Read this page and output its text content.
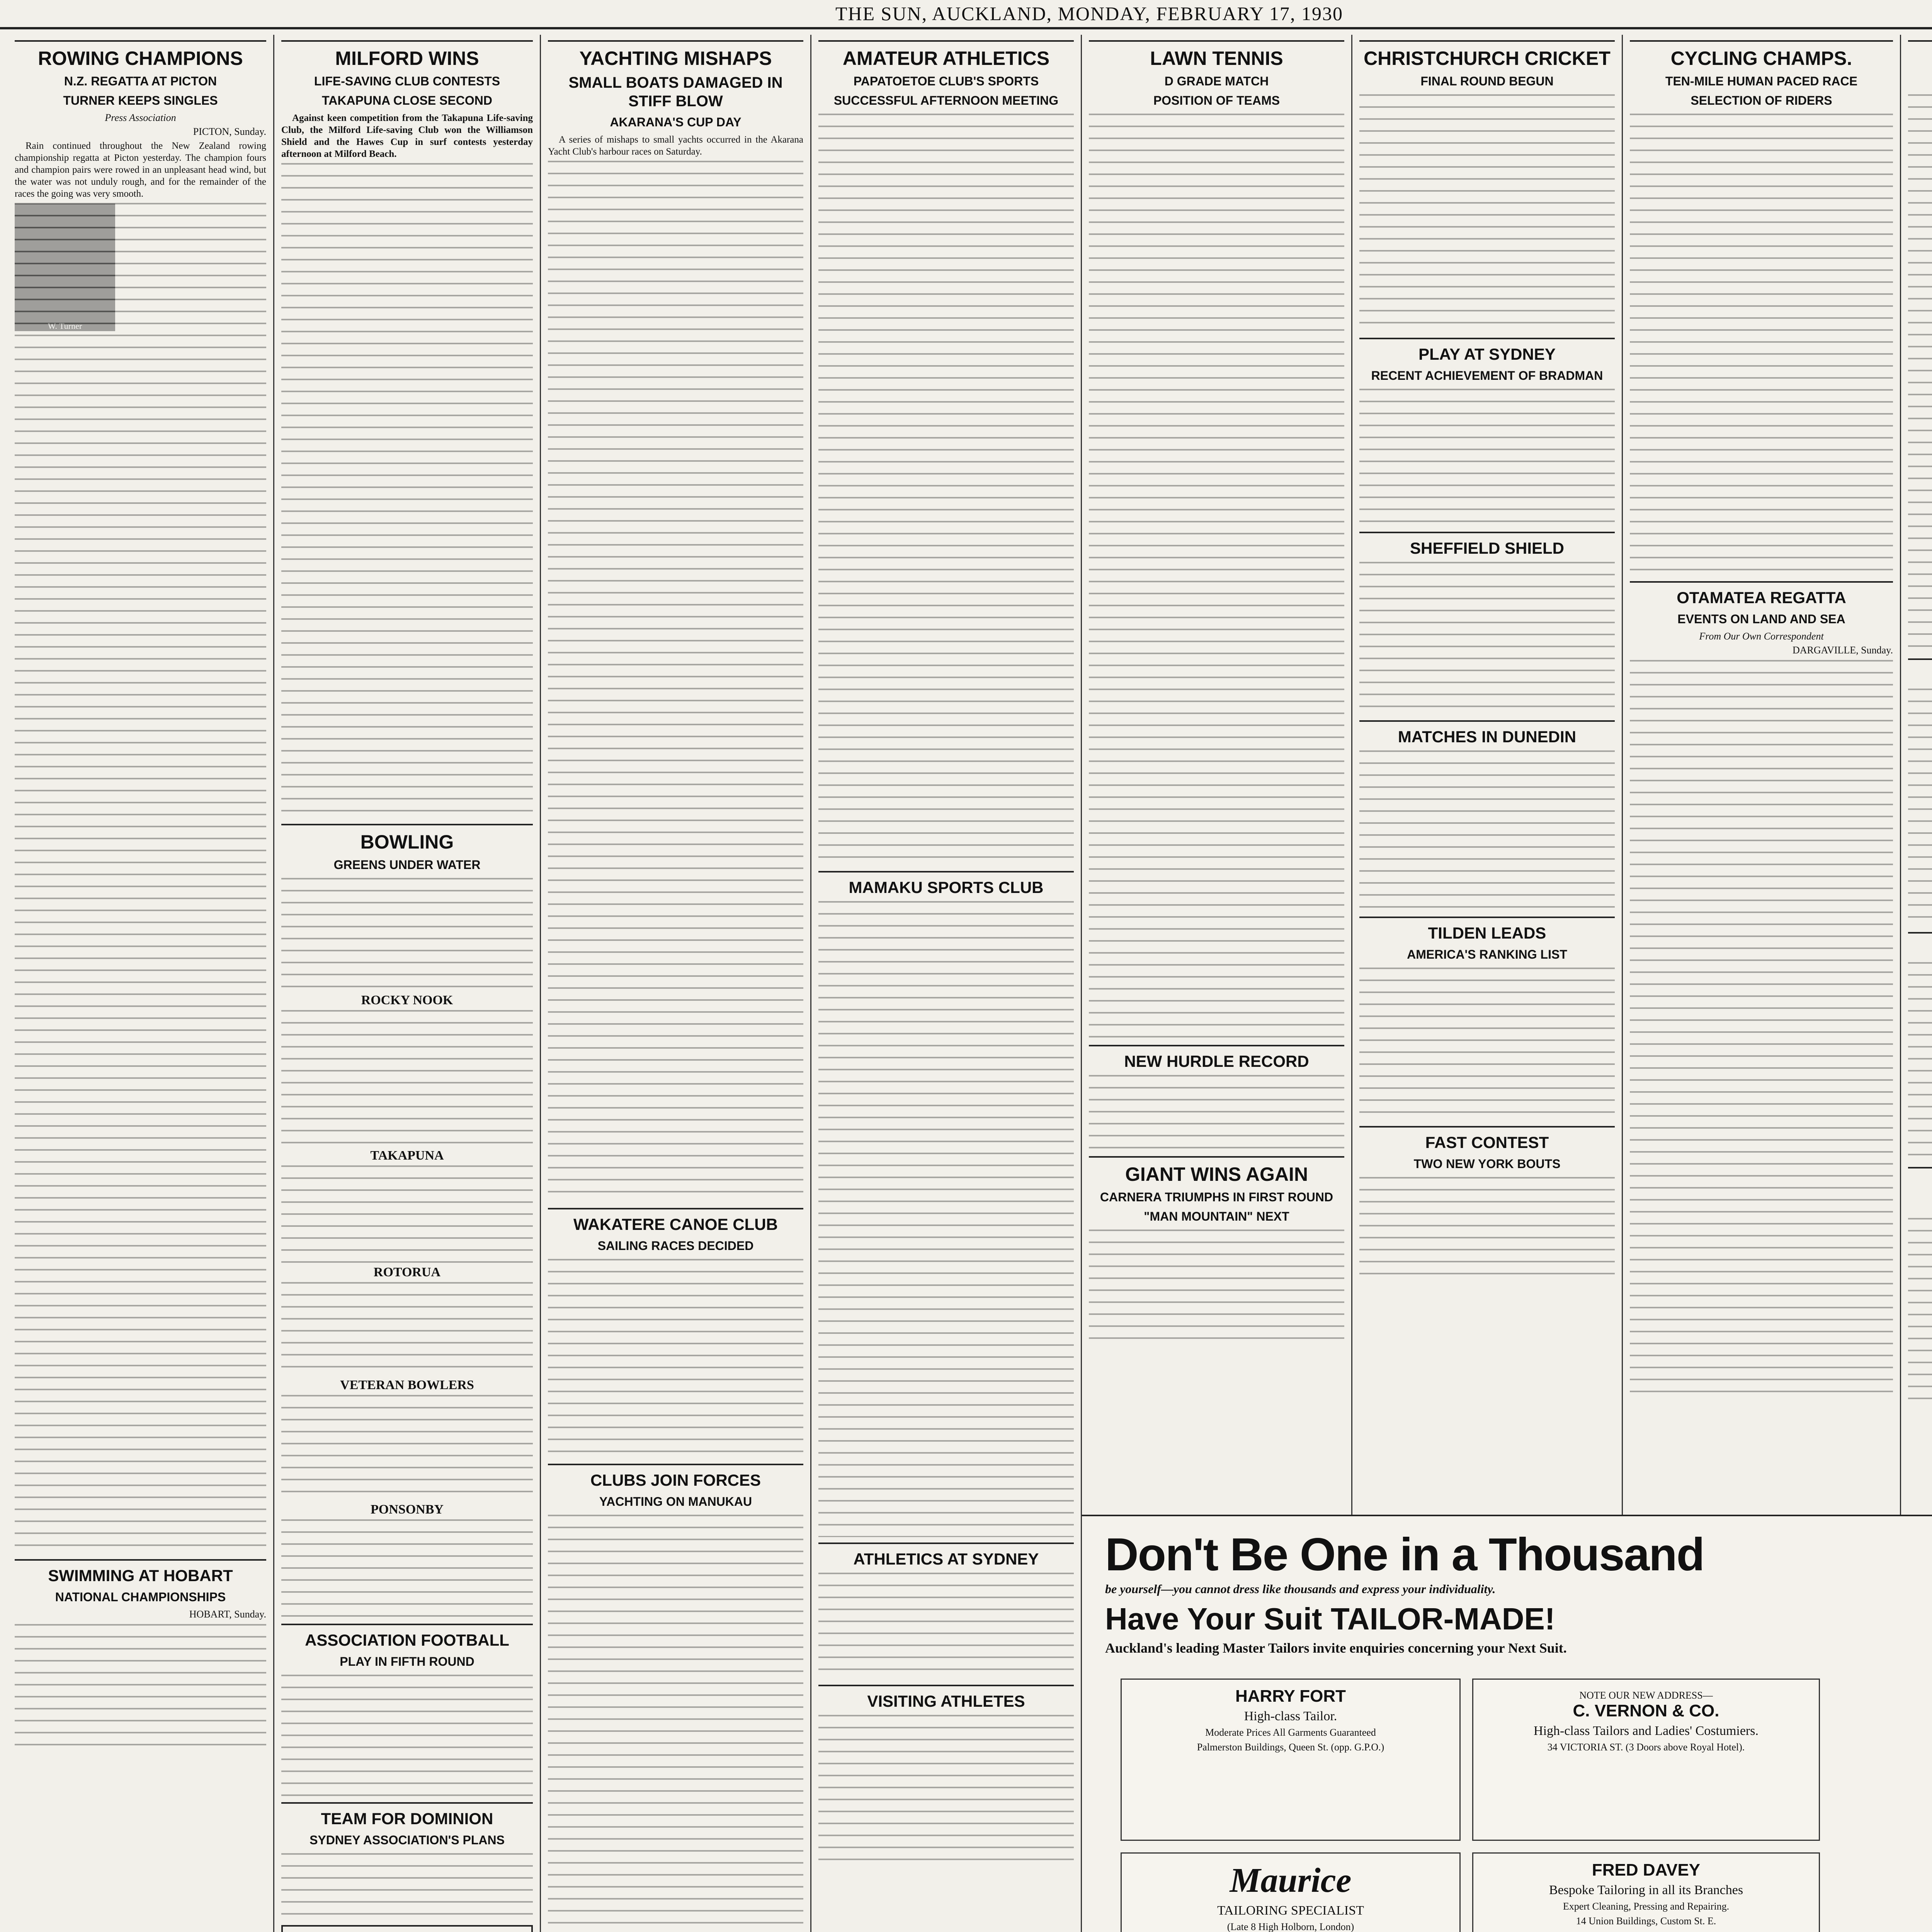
THE SUN, AUCKLAND, MONDAY, FEBRUARY 17, 1930
ROWING CHAMPIONS
N.Z. REGATTA AT PICTON
TURNER KEEPS SINGLES
Press Association
PICTON, Sunday.

Rain continued throughout the New Zealand rowing championship regatta at Picton yesterday. The champion fours and champion pairs were rowed in an unpleasant head wind, but the water was not unduly rough, and for the remainder of the races the going was very smooth.

SWIMMING AT HOBART
NATIONAL CHAMPIONSHIPS
HOBART, Sunday.
MILFORD WINS
LIFE-SAVING CLUB CONTESTS
TAKAPUNA CLOSE SECOND

Against keen competition from the Takapuna Life-saving Club, the Milford Life-saving Club won the Williamson Shield and the Hawes Cup in surf contests yesterday afternoon at Milford Beach.

BOWLING
GREENS UNDER WATER
ROCKY NOOK
TAKAPUNA
ROTORUA
VETERAN BOWLERS
PONSONBY
ASSOCIATION FOOTBALL
PLAY IN FIFTH ROUND
TEAM FOR DOMINION
SYDNEY ASSOCIATION'S PLANS
YACHTING MISHAPS
SMALL BOATS DAMAGED IN STIFF BLOW
AKARANA'S CUP DAY

A series of mishaps to small yachts occurred in the Akarana Yacht Club's harbour races on Saturday.

WAKATERE CANOE CLUB
SAILING RACES DECIDED
CLUBS JOIN FORCES
YACHTING ON MANUKAU
AMATEUR ATHLETICS
PAPATOETOE CLUB'S SPORTS
SUCCESSFUL AFTERNOON MEETING
MAMAKU SPORTS CLUB
ATHLETICS AT SYDNEY
VISITING ATHLETES
LAWN TENNIS
D GRADE MATCH
POSITION OF TEAMS
NEW HURDLE RECORD
GIANT WINS AGAIN
CARNERA TRIUMPHS IN FIRST ROUND
"MAN MOUNTAIN" NEXT
CHRISTCHURCH CRICKET
FINAL ROUND BEGUN
PLAY AT SYDNEY
RECENT ACHIEVEMENT OF BRADMAN
SHEFFIELD SHIELD
MATCHES IN DUNEDIN
TILDEN LEADS
AMERICA'S RANKING LIST
FAST CONTEST
TWO NEW YORK BOUTS
CYCLING CHAMPS.
TEN-MILE HUMAN PACED RACE
SELECTION OF RIDERS
OTAMATEA REGATTA
EVENTS ON LAND AND SEA
From Our Own Correspondent
DARGAVILLE, Sunday.
Don't Be One in a Thousand
be yourself—you cannot dress like thousands and express your individuality.
Have Your Suit TAILOR-MADE!
Auckland's leading Master Tailors invite enquiries concerning your Next Suit.
HARRY FORT
High-class Tailor.
Moderate Prices All Garments Guaranteed
Palmerston Buildings, Queen St. (opp. G.P.O.)
NOTE OUR NEW ADDRESS—
C. VERNON & CO.
High-class Tailors and Ladies' Costumiers.
34 VICTORIA ST. (3 Doors above Royal Hotel).
Maurice
TAILORING SPECIALIST
(Late 8 High Holborn, London)
FRED DAVEY
Bespoke Tailoring in all its Branches
Expert Cleaning, Pressing and Repairing.
14 Union Buildings, Custom St. E.
